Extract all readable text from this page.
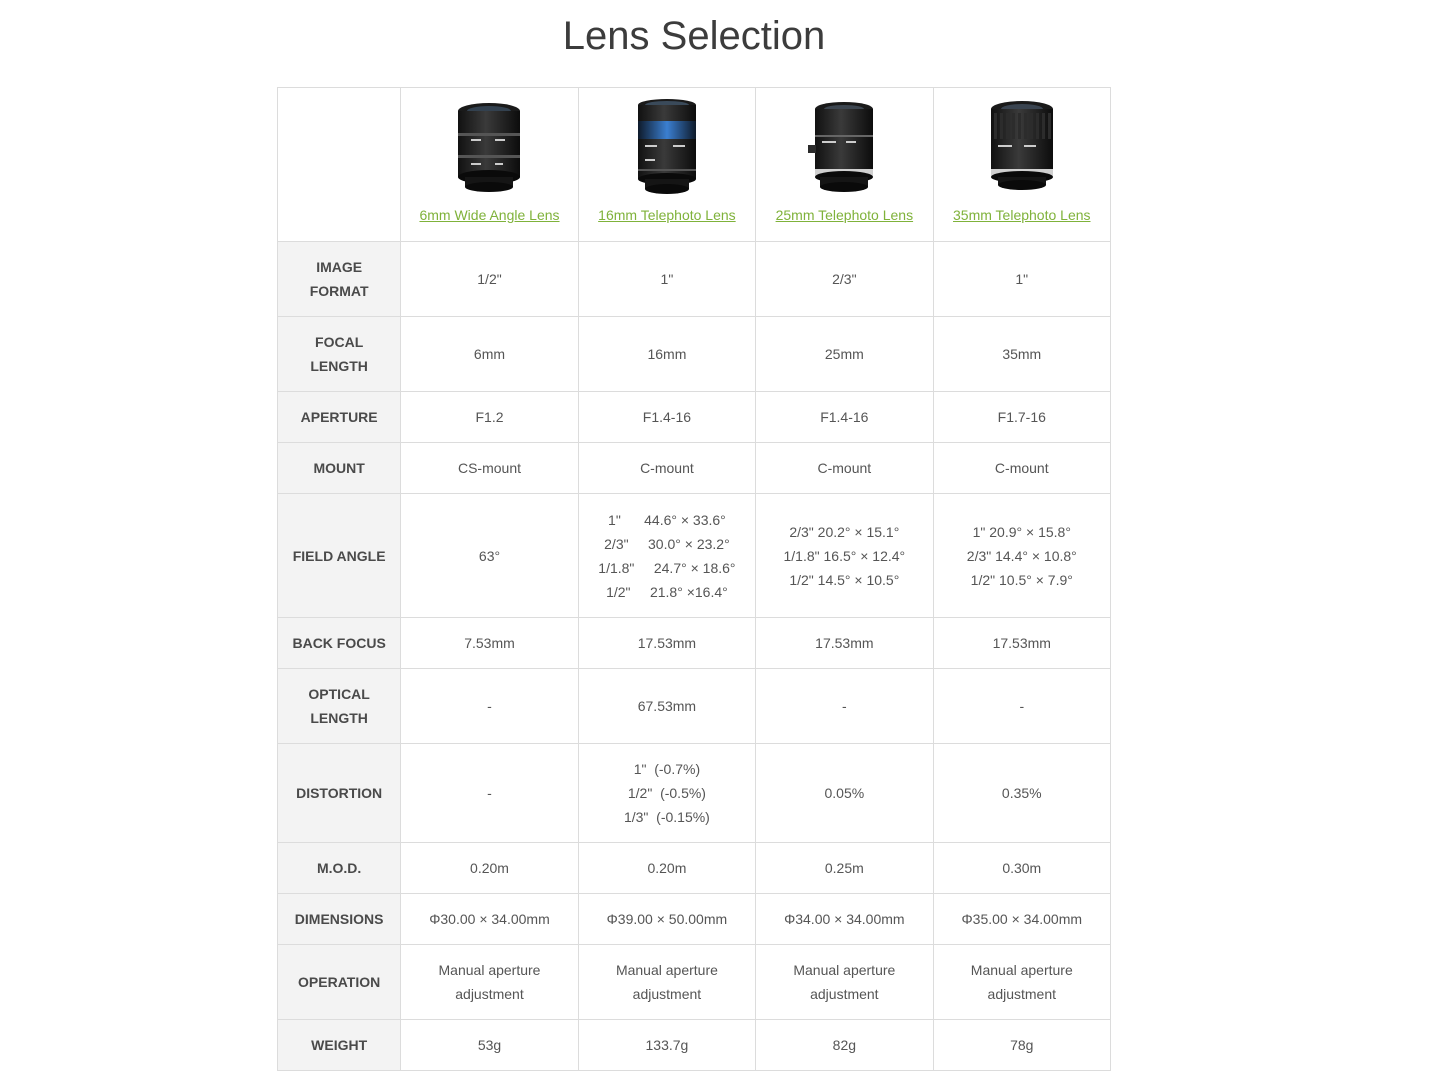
Lens Selection

6mm Wide Angle Lens	16mm Telephoto Lens	25mm Telephoto Lens	35mm Telephoto Lens

IMAGE
FORMAT	1/2"	1"	2/3"	1"

FOCAL
LENGTH	6mm	16mm	25mm	35mm
APERTURE	F1.2	F1.4-16	F1.4-16	F1.7-16
MOUNT	CS-mount	C-mount	C-mount	C-mount
FIELD ANGLE	63°	1"      44.6° × 33.6°
2/3"     30.0° × 23.2°
1/1.8"     24.7° × 18.6°
1/2"     21.8° ×16.4°	2/3" 20.2° × 15.1°
1/1.8" 16.5° × 12.4°
1/2" 14.5° × 10.5°	1" 20.9° × 15.8°
2/3" 14.4° × 10.8°
1/2" 10.5° × 7.9°

BACK FOCUS	7.53mm	17.53mm	17.53mm	17.53mm

OPTICAL
LENGTH	-	67.53mm	-	-
DISTORTION	-	1"  (-0.7%)
1/2"  (-0.5%)
1/3"  (-0.15%)	0.05%	0.35%
M.O.D.	0.20m	0.20m	0.25m	0.30m
DIMENSIONS	Φ30.00 × 34.00mm	Φ39.00 × 50.00mm	Φ34.00 × 34.00mm	Φ35.00 × 34.00mm
OPERATION	Manual aperture
adjustment	Manual aperture
adjustment	Manual aperture
adjustment	Manual aperture
adjustment

WEIGHT	53g	133.7g	82g	78g
